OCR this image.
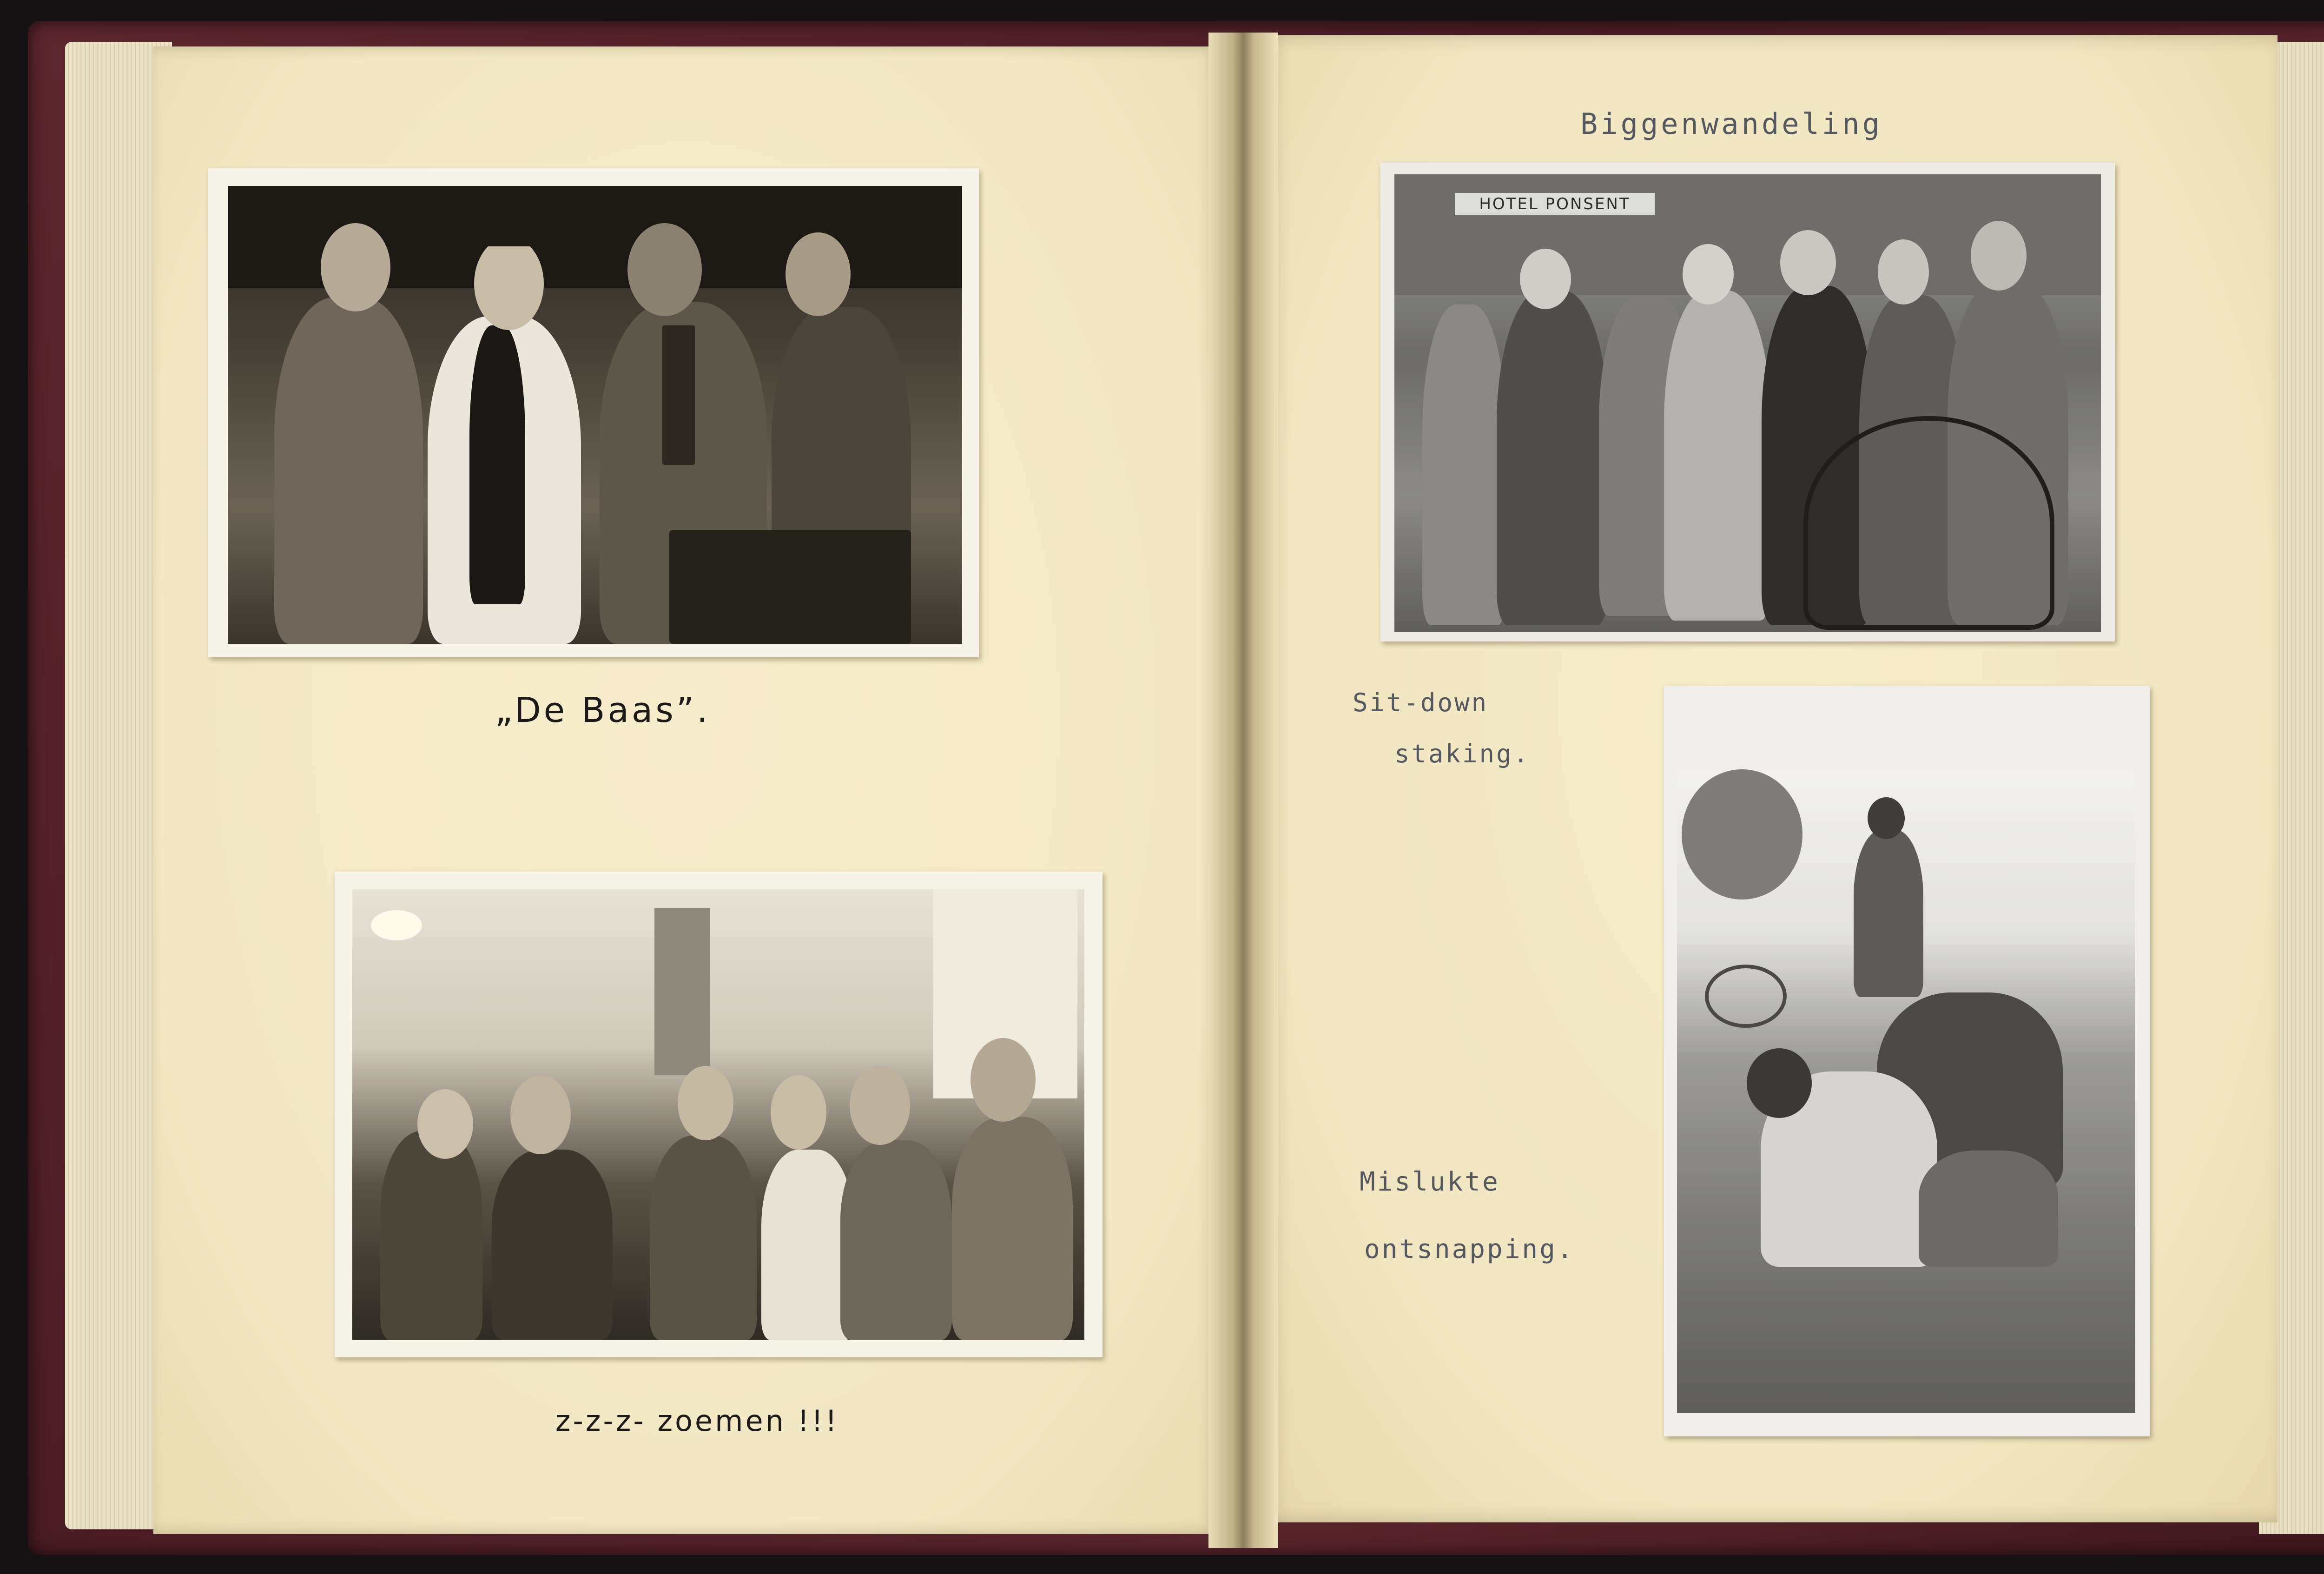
„De Baas”.
z-z-z- zoemen !!!
Biggenwandeling
HOTEL PONSENT
Sit-down
staking.
Mislukte
ontsnapping.
